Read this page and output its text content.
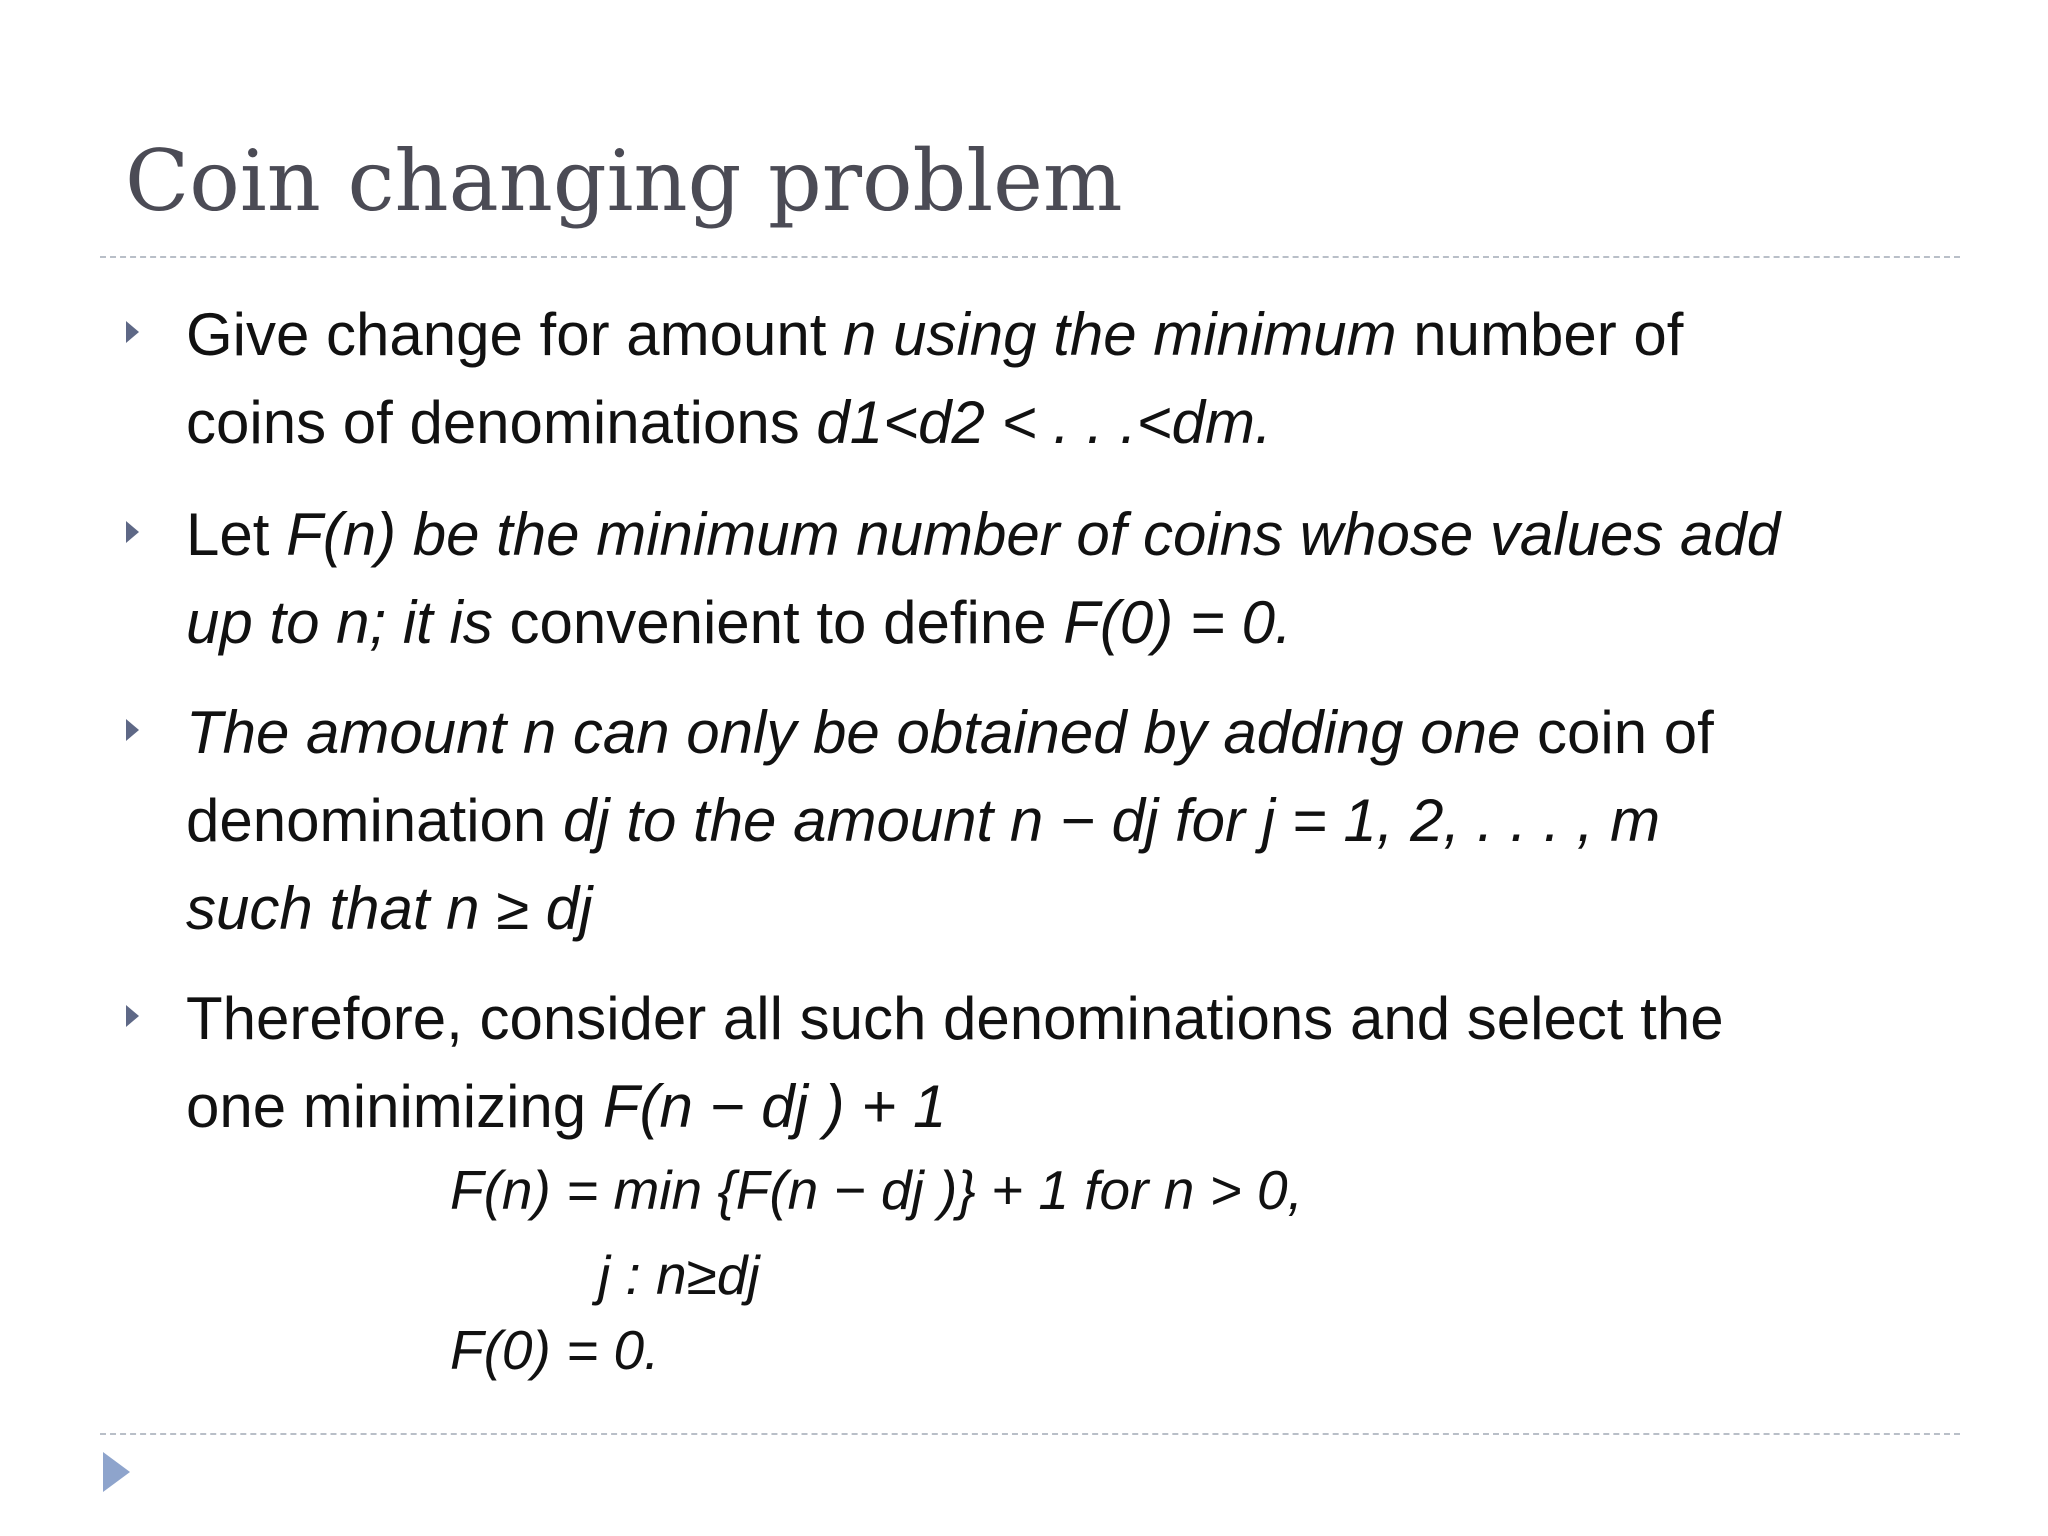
Coin changing problem
Give change for amount n using the minimum number of
coins of denominations d1<d2 < . . .<dm.
Let F(n) be the minimum number of coins whose values add
up to n; it is convenient to define F(0) = 0.
The amount n can only be obtained by adding one coin of
denomination dj to the amount n − dj for j = 1, 2, . . . , m
such that n ≥ dj
Therefore, consider all such denominations and select the
one minimizing F(n − dj ) + 1
F(n) = min {F(n − dj )} + 1 for n > 0,
j : n≥dj
F(0) = 0.
